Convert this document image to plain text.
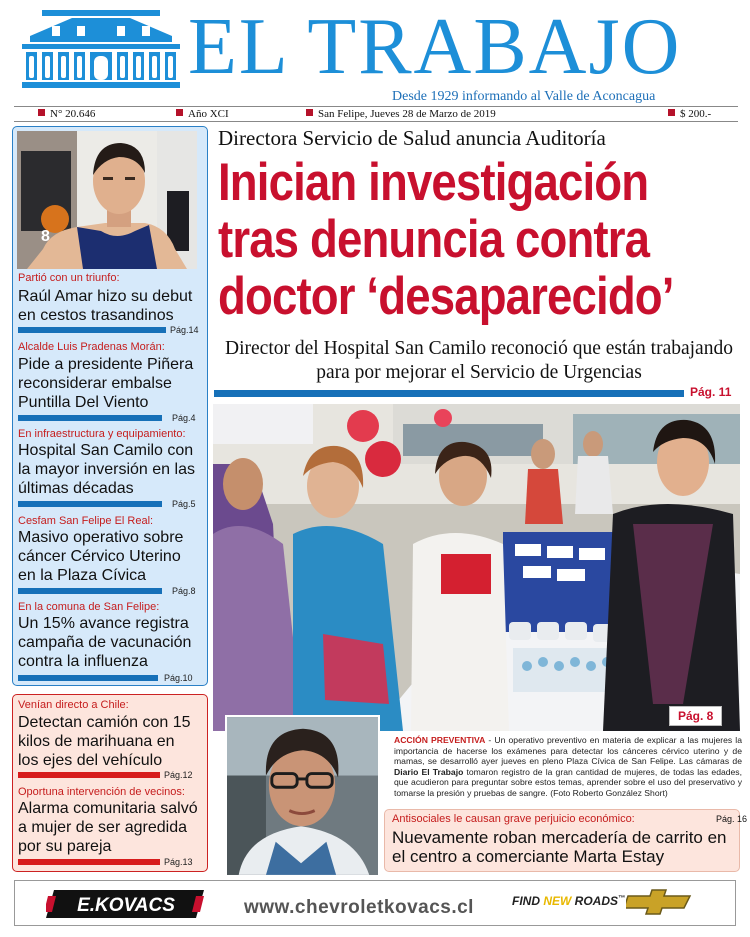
EL TRABAJO
Desde 1929 informando al Valle de Aconcagua
N° 20.646	Año XCI	San Felipe, Jueves 28 de Marzo de 2019	$ 200.-
8
Partió con un triunfo:
Raúl Amar hizo su debut en cestos trasandinos
Pág.14
Alcalde Luis Pradenas Morán:
Pide a presidente Piñera reconsiderar embalse Puntilla Del Viento
Pág.4
En infraestructura y equipamiento:
Hospital San Camilo con la mayor inversión en las últimas décadas
Pág.5
Cesfam San Felipe El Real:
Masivo operativo sobre cáncer Cérvico Uterino en la Plaza Cívica
Pág.8
En la comuna de San Felipe:
Un 15% avance registra campaña de vacunación contra la influenza
Pág.10
Venían directo a Chile:
Detectan camión con 15 kilos de marihuana en los ejes del vehículo
Pág.12
Oportuna intervención de vecinos:
Alarma comunitaria salvó a mujer de ser agredida por su pareja
Pág.13
Directora Servicio de Salud anuncia Auditoría
Inician investigación
tras denuncia contra
doctor ‘desaparecido’
Director del Hospital San Camilo reconoció que están trabajando para por mejorar el Servicio de Urgencias
Pág. 11
Pág. 8
ACCIÓN PREVENTIVA - Un operativo preventivo en materia de explicar a las mujeres la importancia de hacerse los exámenes para detectar los cánceres cérvico uterino y de mamas, se desarrolló ayer jueves en pleno Plaza Cívica de San Felipe. Las cámaras de Diario El Trabajo tomaron registro de la gran cantidad de mujeres, de todas las edades, que acudieron para preguntar sobre estos temas, aprender sobre el uso del preservativo y tomarse la presión y pruebas de sangre. (Foto Roberto González Short)
Antisociales le causan grave perjuicio económico:	Pág. 16
Nuevamente roban mercadería de carrito en el centro a comerciante Marta Estay
E.KOVACS	www.chevroletkovacs.cl	FIND NEW ROADS™
